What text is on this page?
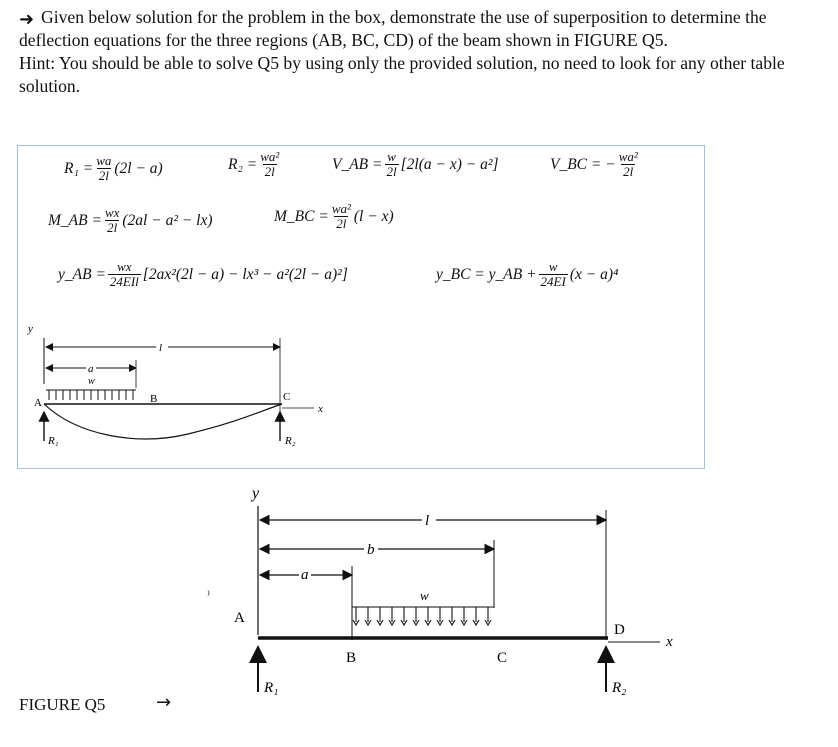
➜ Given below solution for the problem in the box, demonstrate the use of superposition to determine the deflection equations for the three regions (AB, BC, CD) of the beam shown in FIGURE Q5.

Hint: You should be able to solve Q5 by using only the provided solution, no need to look for any other table solution.

$R_1 = \frac{wa}{2l} (2l - a)$	$R_2 = \frac{\text{wa²}}{2l}$	V_AB = $\frac{w}{2l} [2l(a - x) - a^2]$	V_BC = − $\frac{\text{wa²}}{2l}$
M_AB = $\frac{wx}{2l} (2al - a^2 - lx)$	M_BC = $\frac{\text{wa²}}{2l} (l - x)$
y_AB = $\frac{wx}{\text{24EIl}} [2ax^2(2l - a) - lx^3 - a^2(2l - a)^2]$	y_BC = y_AB + $\frac{w}{24EI} (x - a)^4$
y
l
a
w
A	B	C
x
R₁	R₂
y
l
b
a
w
A
B	C
D
x
R₁	R₂
⁾
FIGURE Q5	→
